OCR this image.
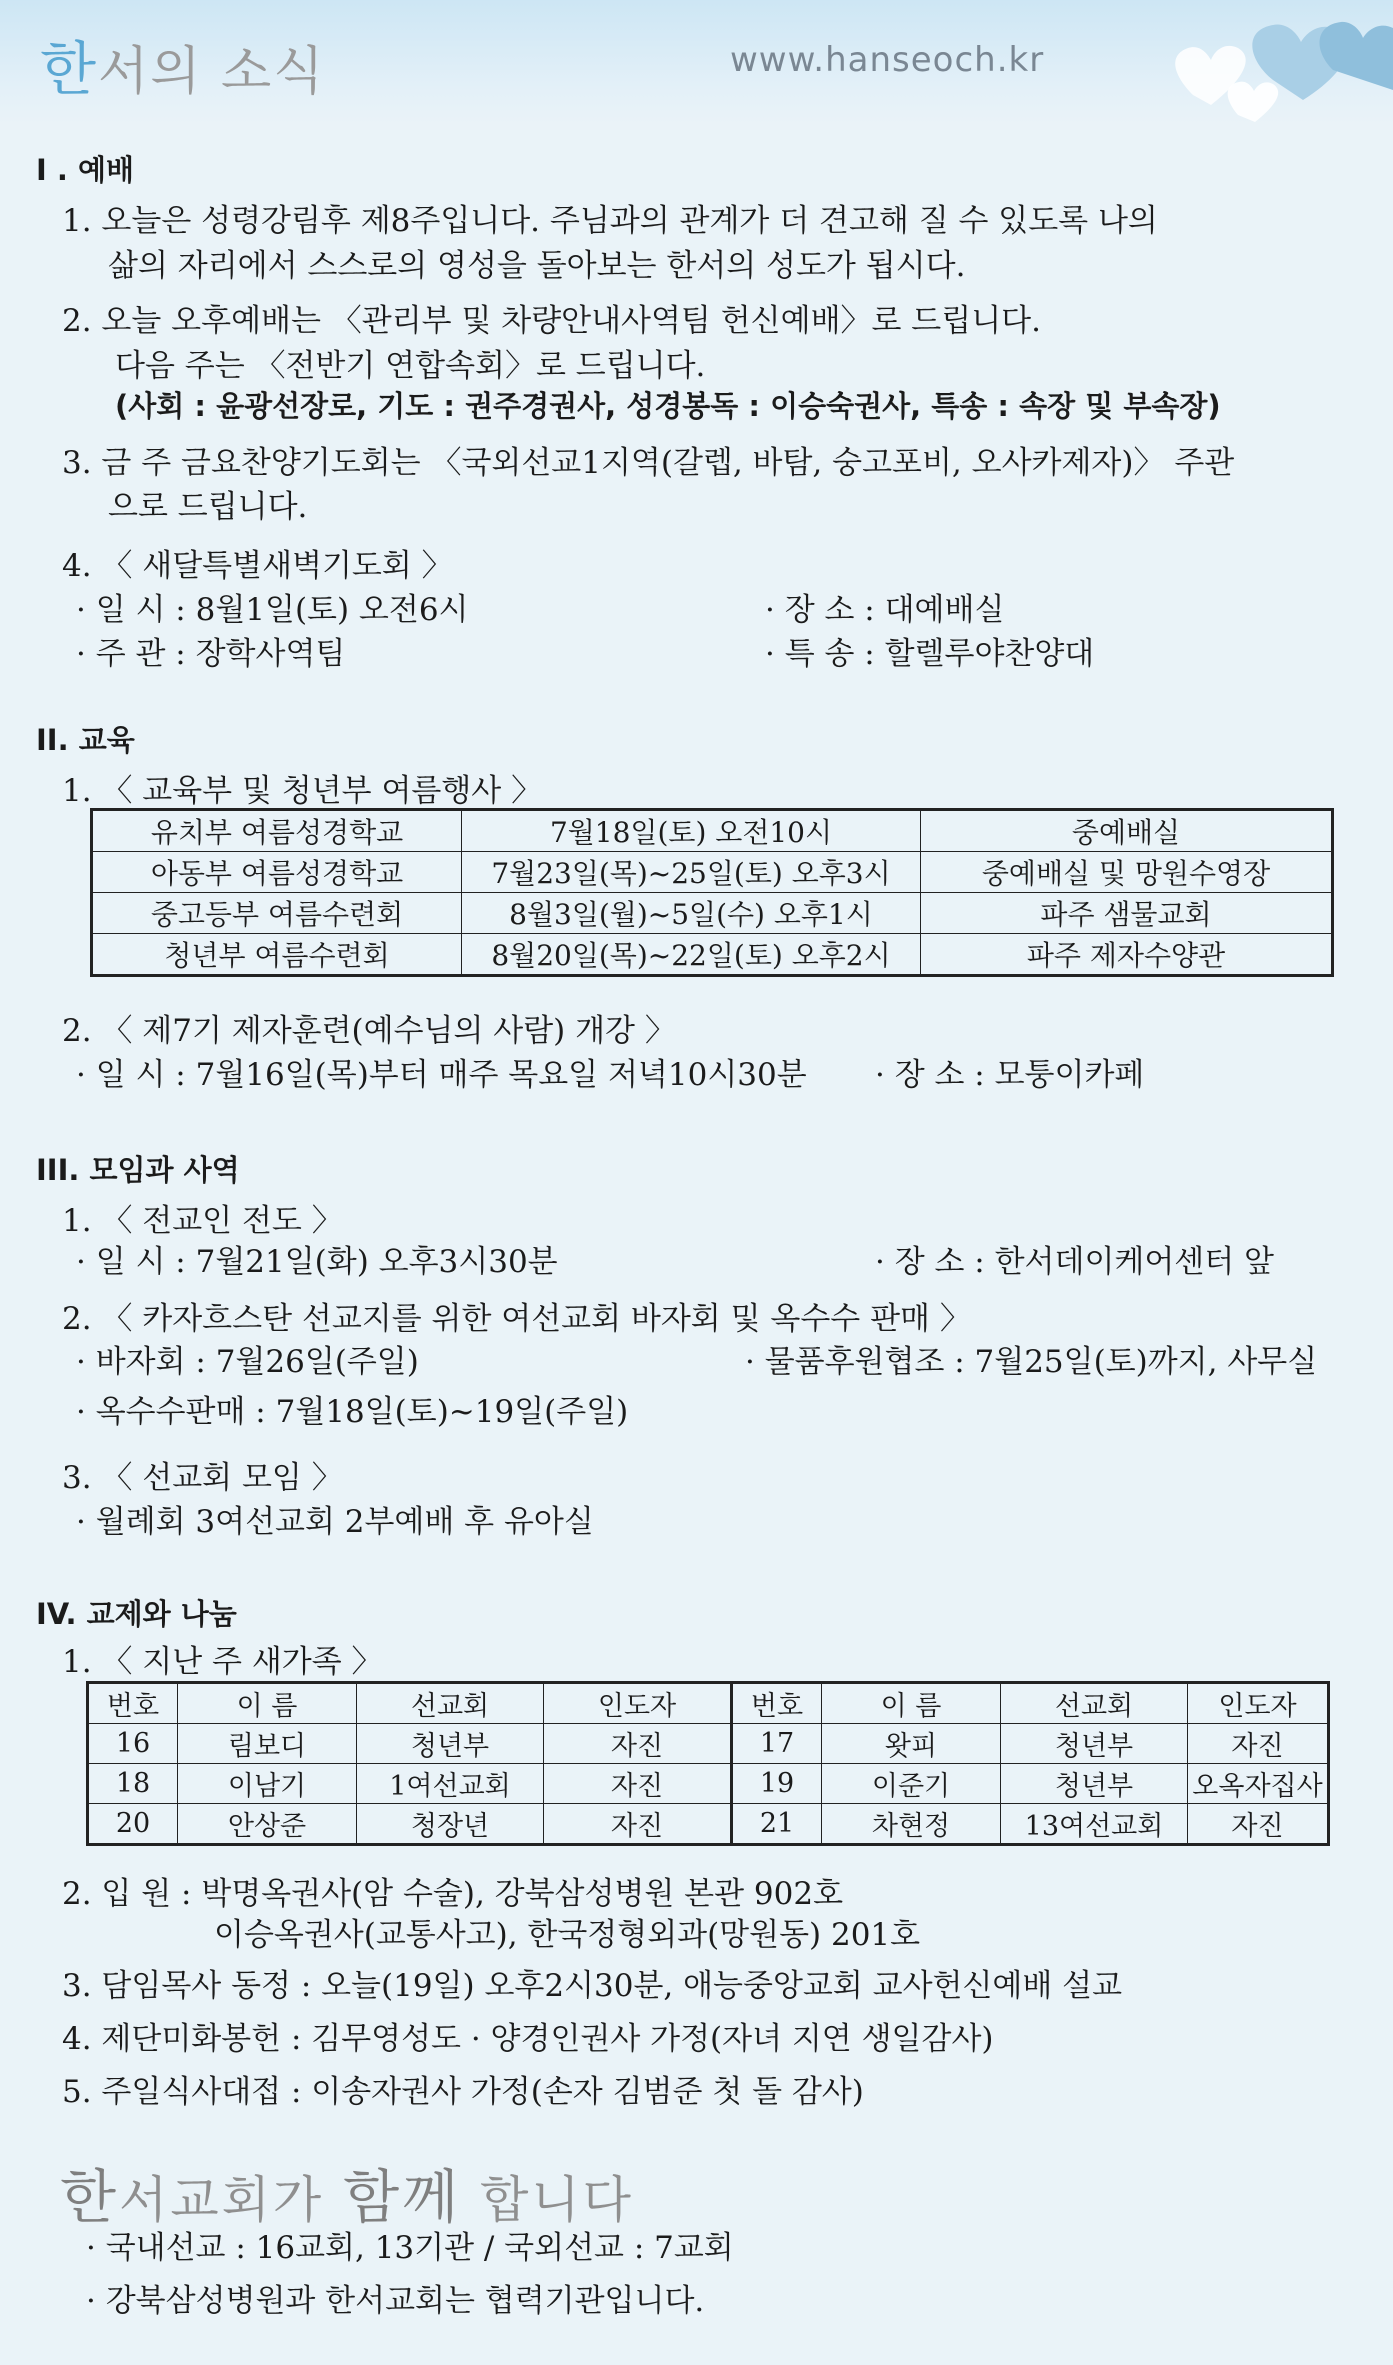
한서의 소식	www.hanseoch.kr
I . 예배
1. 오늘은 성령강림후 제8주입니다. 주님과의 관계가 더 견고해 질 수 있도록 나의
삶의 자리에서 스스로의 영성을 돌아보는 한서의 성도가 됩시다.
2. 오늘 오후예배는 〈관리부 및 차량안내사역팀 헌신예배〉로 드립니다.
다음 주는 〈전반기 연합속회〉로 드립니다.
(사회 : 윤광선장로, 기도 : 권주경권사, 성경봉독 : 이승숙권사, 특송 : 속장 및 부속장)
3. 금 주 금요찬양기도회는 〈국외선교1지역(갈렙, 바탐, 숭고포비, 오사카제자)〉 주관
으로 드립니다.
4. 〈 새달특별새벽기도회 〉
· 일 시 : 8월1일(토) 오전6시	· 장 소 : 대예배실
· 주 관 : 장학사역팀	· 특 송 : 할렐루야찬양대
II. 교육
1. 〈 교육부 및 청년부 여름행사 〉
유치부 여름성경학교	7월18일(토) 오전10시	중예배실
아동부 여름성경학교	7월23일(목)~25일(토) 오후3시	중예배실 및 망원수영장
중고등부 여름수련회	8월3일(월)~5일(수) 오후1시	파주 샘물교회
청년부 여름수련회	8월20일(목)~22일(토) 오후2시	파주 제자수양관
2. 〈 제7기 제자훈련(예수님의 사람) 개강 〉
· 일 시 : 7월16일(목)부터 매주 목요일 저녁10시30분 · 장 소 : 모퉁이카페
III. 모임과 사역
1. 〈 전교인 전도 〉
· 일 시 : 7월21일(화) 오후3시30분	· 장 소 : 한서데이케어센터 앞
2. 〈 카자흐스탄 선교지를 위한 여선교회 바자회 및 옥수수 판매 〉
· 바자회 : 7월26일(주일)	· 물품후원협조 : 7월25일(토)까지, 사무실
· 옥수수판매 : 7월18일(토)~19일(주일)
3. 〈 선교회 모임 〉
· 월례회 3여선교회 2부예배 후 유아실
IV. 교제와 나눔
1. 〈 지난 주 새가족 〉
번호	이 름	선교회	인도자	번호	이 름	선교회	인도자
16	림보디	청년부	자진	17	왓피	청년부	자진
18	이남기	1여선교회	자진	19	이준기	청년부	오옥자집사
20	안상준	청장년	자진	21	차현정	13여선교회	자진
2. 입 원 : 박명옥권사(암 수술), 강북삼성병원 본관 902호
이승옥권사(교통사고), 한국정형외과(망원동) 201호
3. 담임목사 동정 : 오늘(19일) 오후2시30분, 애능중앙교회 교사헌신예배 설교
4. 제단미화봉헌 : 김무영성도 · 양경인권사 가정(자녀 지연 생일감사)
5. 주일식사대접 : 이송자권사 가정(손자 김범준 첫 돌 감사)
한서교회가 함께 합니다
· 국내선교 : 16교회, 13기관 / 국외선교 : 7교회
· 강북삼성병원과 한서교회는 협력기관입니다.
